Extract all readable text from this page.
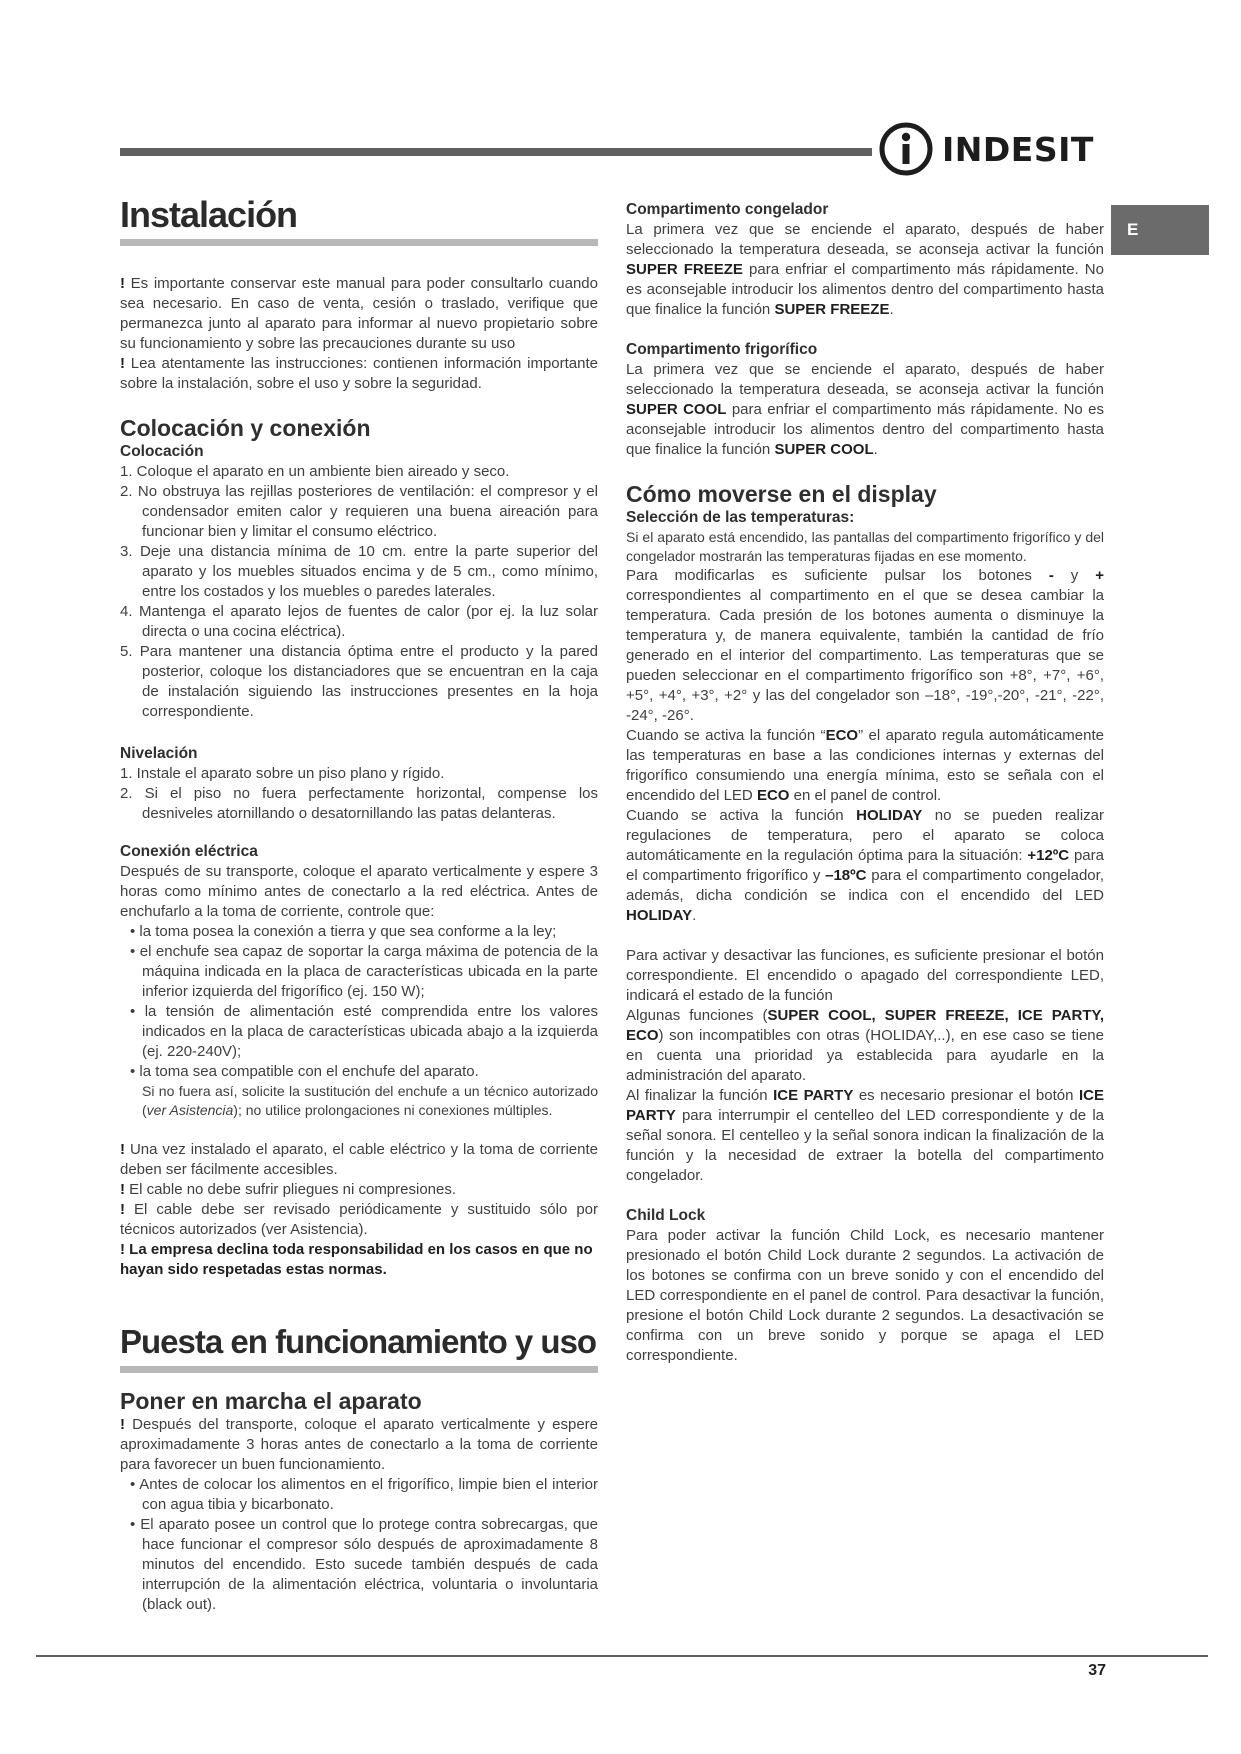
INDESIT
E
Instalación
! Es importante conservar este manual para poder consultarlo cuando sea necesario. En caso de venta, cesión o traslado, verifique que permanezca junto al aparato para informar al nuevo propietario sobre su funcionamiento y sobre las precauciones durante su uso
! Lea atentamente las instrucciones: contienen información importante sobre la instalación, sobre el uso y sobre la seguridad.
Colocación y conexión
Colocación
1. Coloque el aparato en un ambiente bien aireado y seco.
2. No obstruya las rejillas posteriores de ventilación: el compresor y el condensador emiten calor y requieren una buena aireación para funcionar bien y limitar el consumo eléctrico.
3. Deje una distancia mínima de 10 cm. entre la parte superior del aparato y los muebles situados encima y de 5 cm., como mínimo, entre los costados y los muebles o paredes laterales.
4. Mantenga el aparato lejos de fuentes de calor (por ej. la luz solar directa o una cocina eléctrica).
5. Para mantener una distancia óptima entre el producto y la pared posterior, coloque los distanciadores que se encuentran en la caja de instalación siguiendo las instrucciones presentes en la hoja correspondiente.
Nivelación
1. Instale el aparato sobre un piso plano y rígido.
2. Si el piso no fuera perfectamente horizontal, compense los desniveles atornillando o desatornillando las patas delanteras.
Conexión eléctrica
Después de su transporte, coloque el aparato verticalmente y espere 3 horas como mínimo antes de conectarlo a la red eléctrica. Antes de enchufarlo a la toma de corriente, controle que:
• la toma posea la conexión a tierra y que sea conforme a la ley;
• el enchufe sea capaz de soportar la carga máxima de potencia de la máquina indicada en la placa de características ubicada en la parte inferior izquierda del frigorífico (ej. 150 W);
• la tensión de alimentación esté comprendida entre los valores indicados en la placa de características ubicada abajo a la izquierda (ej. 220-240V);
• la toma sea compatible con el enchufe del aparato.
Si no fuera así, solicite la sustitución del enchufe a un técnico autorizado (ver Asistencia); no utilice prolongaciones ni conexiones múltiples.
! Una vez instalado el aparato, el cable eléctrico y la toma de corriente deben ser fácilmente accesibles.
! El cable no debe sufrir pliegues ni compresiones.
! El cable debe ser revisado periódicamente y sustituido sólo por técnicos autorizados (ver Asistencia).
! La empresa declina toda responsabilidad en los casos en que no hayan sido respetadas estas normas.
Puesta en funcionamiento y uso
Poner en marcha el aparato
! Después del transporte, coloque el aparato verticalmente y espere aproximadamente 3 horas antes de conectarlo a la toma de corriente para favorecer un buen funcionamiento.
• Antes de colocar los alimentos en el frigorífico, limpie bien el interior con agua tibia y bicarbonato.
• El aparato posee un control que lo protege contra sobrecargas, que hace funcionar el compresor sólo después de aproximadamente 8 minutos del encendido. Esto sucede también después de cada interrupción de la alimentación eléctrica, voluntaria o involuntaria (black out).
Compartimento congelador
La primera vez que se enciende el aparato, después de haber seleccionado la temperatura deseada, se aconseja activar la función SUPER FREEZE para enfriar el compartimento más rápidamente. No es aconsejable introducir los alimentos dentro del compartimento hasta que finalice la función SUPER FREEZE.
Compartimento frigorífico
La primera vez que se enciende el aparato, después de haber seleccionado la temperatura deseada, se aconseja activar la función SUPER COOL para enfriar el compartimento más rápidamente. No es aconsejable introducir los alimentos dentro del compartimento hasta que finalice la función SUPER COOL.
Cómo moverse en el display
Selección de las temperaturas:
Si el aparato está encendido, las pantallas del compartimento frigorífico y del congelador mostrarán las temperaturas fijadas en ese momento.
Para modificarlas es suficiente pulsar los botones - y + correspondientes al compartimento en el que se desea cambiar la temperatura. Cada presión de los botones aumenta o disminuye la temperatura y, de manera equivalente, también la cantidad de frío generado en el interior del compartimento. Las temperaturas que se pueden seleccionar en el compartimento frigorífico son +8°, +7°, +6°, +5°, +4°, +3°, +2° y las del congelador son –18°, -19°,-20°, -21°, -22°, -24°, -26°.
Cuando se activa la función “ECO” el aparato regula automáticamente las temperaturas en base a las condiciones internas y externas del frigorífico consumiendo una energía mínima, esto se señala con el encendido del LED ECO en el panel de control.
Cuando se activa la función HOLIDAY no se pueden realizar regulaciones de temperatura, pero el aparato se coloca automáticamente en la regulación óptima para la situación: +12ºC para el compartimento frigorífico y –18ºC para el compartimento congelador, además, dicha condición se indica con el encendido del LED HOLIDAY.
Para activar y desactivar las funciones, es suficiente presionar el botón correspondiente. El encendido o apagado del correspondiente LED, indicará el estado de la función
Algunas funciones (SUPER COOL, SUPER FREEZE, ICE PARTY, ECO) son incompatibles con otras (HOLIDAY,..), en ese caso se tiene en cuenta una prioridad ya establecida para ayudarle en la administración del aparato.
Al finalizar la función ICE PARTY es necesario presionar el botón ICE PARTY para interrumpir el centelleo del LED correspondiente y de la señal sonora. El centelleo y la señal sonora indican la finalización de la función y la necesidad de extraer la botella del compartimento congelador.
Child Lock
Para poder activar la función Child Lock, es necesario mantener presionado el botón Child Lock durante 2 segundos. La activación de los botones se confirma con un breve sonido y con el encendido del LED correspondiente en el panel de control. Para desactivar la función, presione el botón Child Lock durante 2 segundos. La desactivación se confirma con un breve sonido y porque se apaga el LED correspondiente.
37
